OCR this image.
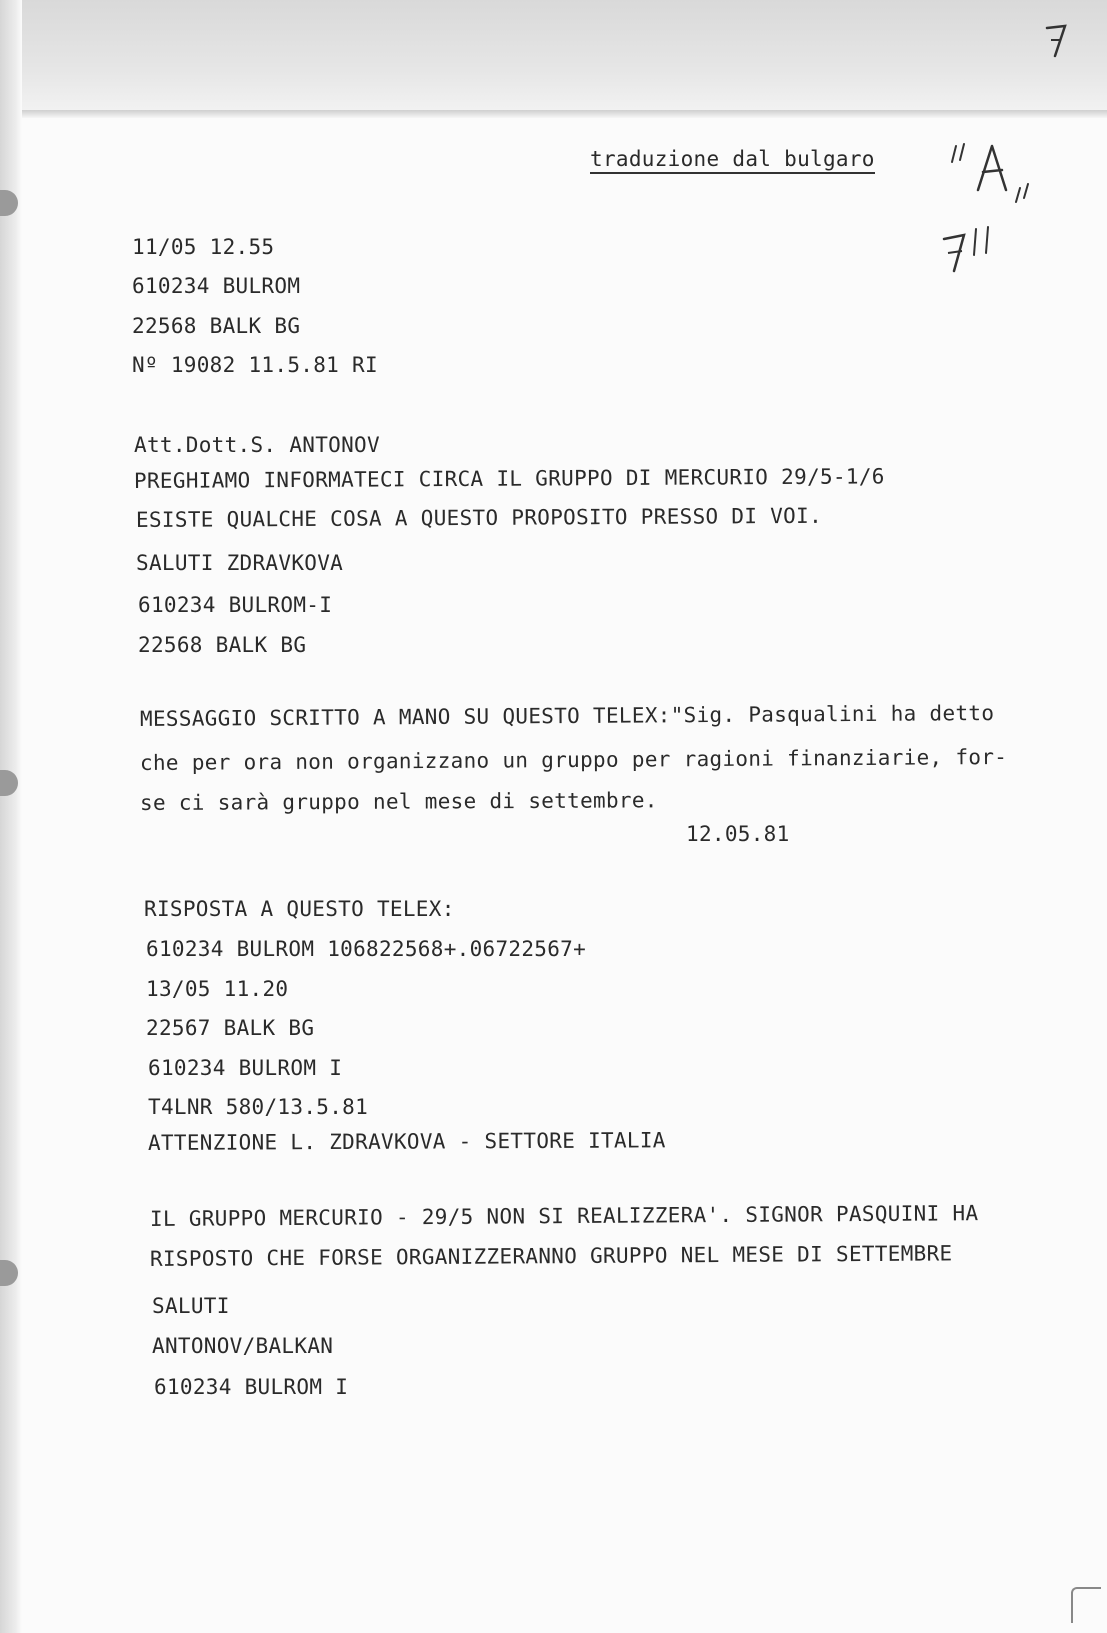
traduzione dal bulgaro
11/05 12.55
610234 BULROM
22568 BALK BG
Nº 19082 11.5.81 RI
Att.Dott.S. ANTONOV
PREGHIAMO INFORMATECI CIRCA IL GRUPPO DI MERCURIO 29/5-1/6
ESISTE QUALCHE COSA A QUESTO PROPOSITO PRESSO DI VOI.
SALUTI ZDRAVKOVA
610234 BULROM-I
22568 BALK BG
MESSAGGIO SCRITTO A MANO SU QUESTO TELEX:"Sig. Pasqualini ha detto
che per ora non organizzano un gruppo per ragioni finanziarie, for-
se ci sarà gruppo nel mese di settembre.
12.05.81
RISPOSTA A QUESTO TELEX:
610234 BULROM 106822568+.06722567+
13/05 11.20
22567 BALK BG
610234 BULROM I
T4LNR 580/13.5.81
ATTENZIONE L. ZDRAVKOVA - SETTORE ITALIA
IL GRUPPO MERCURIO - 29/5 NON SI REALIZZERA'. SIGNOR PASQUINI HA
RISPOSTO CHE FORSE ORGANIZZERANNO GRUPPO NEL MESE DI SETTEMBRE
SALUTI
ANTONOV/BALKAN
610234 BULROM I
